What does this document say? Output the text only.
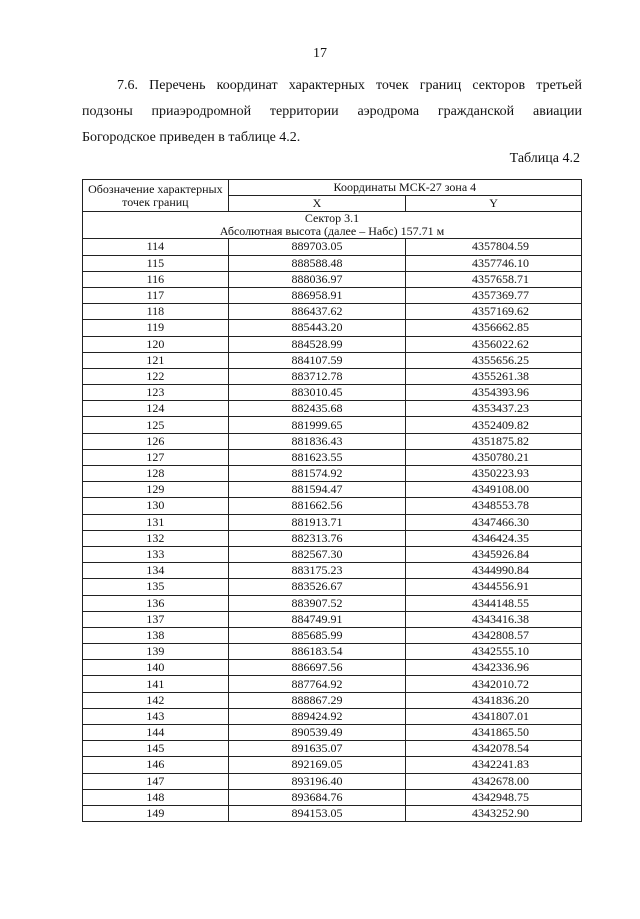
17
7.6. Перечень координат характерных точек границ секторов третьей
подзоны приаэродромной территории аэродрома гражданской авиации
Богородское приведен в таблице 4.2.
Таблица 4.2
Обозначение характерных точек границ	Координаты МСК-27 зона 4	
	X	Y

Сектор 3.1
Абсолютная высота (далее – Набс) 157.71 м		

114	889703.05	4357804.59
115	888588.48	4357746.10
116	888036.97	4357658.71
117	886958.91	4357369.77
118	886437.62	4357169.62
119	885443.20	4356662.85
120	884528.99	4356022.62
121	884107.59	4355656.25
122	883712.78	4355261.38
123	883010.45	4354393.96
124	882435.68	4353437.23
125	881999.65	4352409.82
126	881836.43	4351875.82
127	881623.55	4350780.21
128	881574.92	4350223.93
129	881594.47	4349108.00
130	881662.56	4348553.78
131	881913.71	4347466.30
132	882313.76	4346424.35
133	882567.30	4345926.84
134	883175.23	4344990.84
135	883526.67	4344556.91
136	883907.52	4344148.55
137	884749.91	4343416.38
138	885685.99	4342808.57
139	886183.54	4342555.10
140	886697.56	4342336.96
141	887764.92	4342010.72
142	888867.29	4341836.20
143	889424.92	4341807.01
144	890539.49	4341865.50
145	891635.07	4342078.54
146	892169.05	4342241.83
147	893196.40	4342678.00
148	893684.76	4342948.75
149	894153.05	4343252.90
